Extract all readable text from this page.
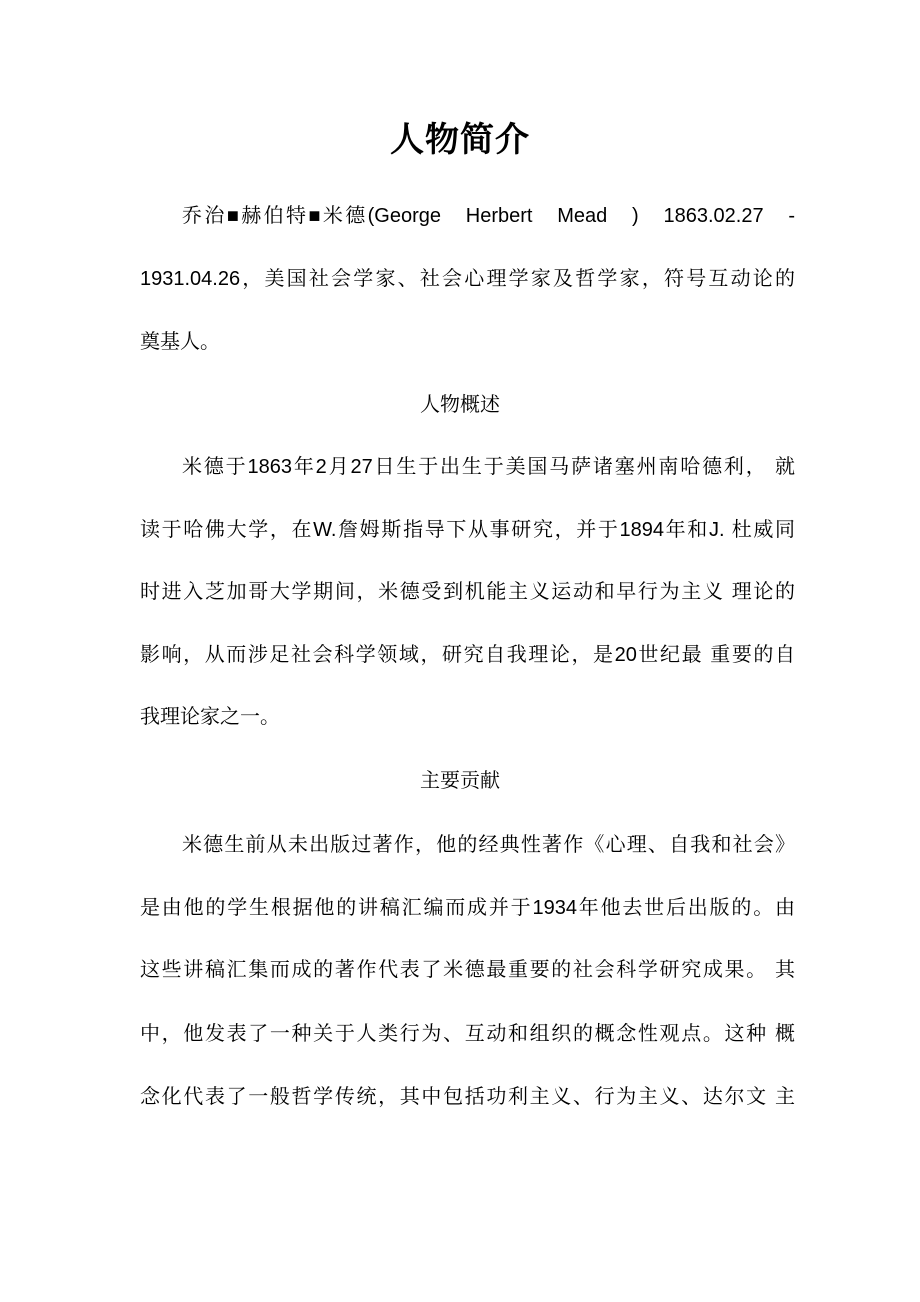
人物简介
乔治■赫伯特■米德(George　Herbert　Mead　)　1863.02.27　-
1931.04.26，美国社会学家、社会心理学家及哲学家，符号互动论的
奠基人。
人物概述
米德于1863年2月27日生于出生于美国马萨诸塞州南哈德利， 就
读于哈佛大学，在W.詹姆斯指导下从事研究，并于1894年和J. 杜威同
时进入芝加哥大学期间，米德受到机能主义运动和早行为主义 理论的
影响，从而涉足社会科学领域，研究自我理论，是20世纪最 重要的自
我理论家之一。
主要贡献
米德生前从未出版过著作，他的经典性著作《心理、自我和社会》
是由他的学生根据他的讲稿汇编而成并于1934年他去世后出版的。由
这些讲稿汇集而成的著作代表了米德最重要的社会科学研究成果。 其
中，他发表了一种关于人类行为、互动和组织的概念性观点。这种 概
念化代表了一般哲学传统，其中包括功利主义、行为主义、达尔文 主
